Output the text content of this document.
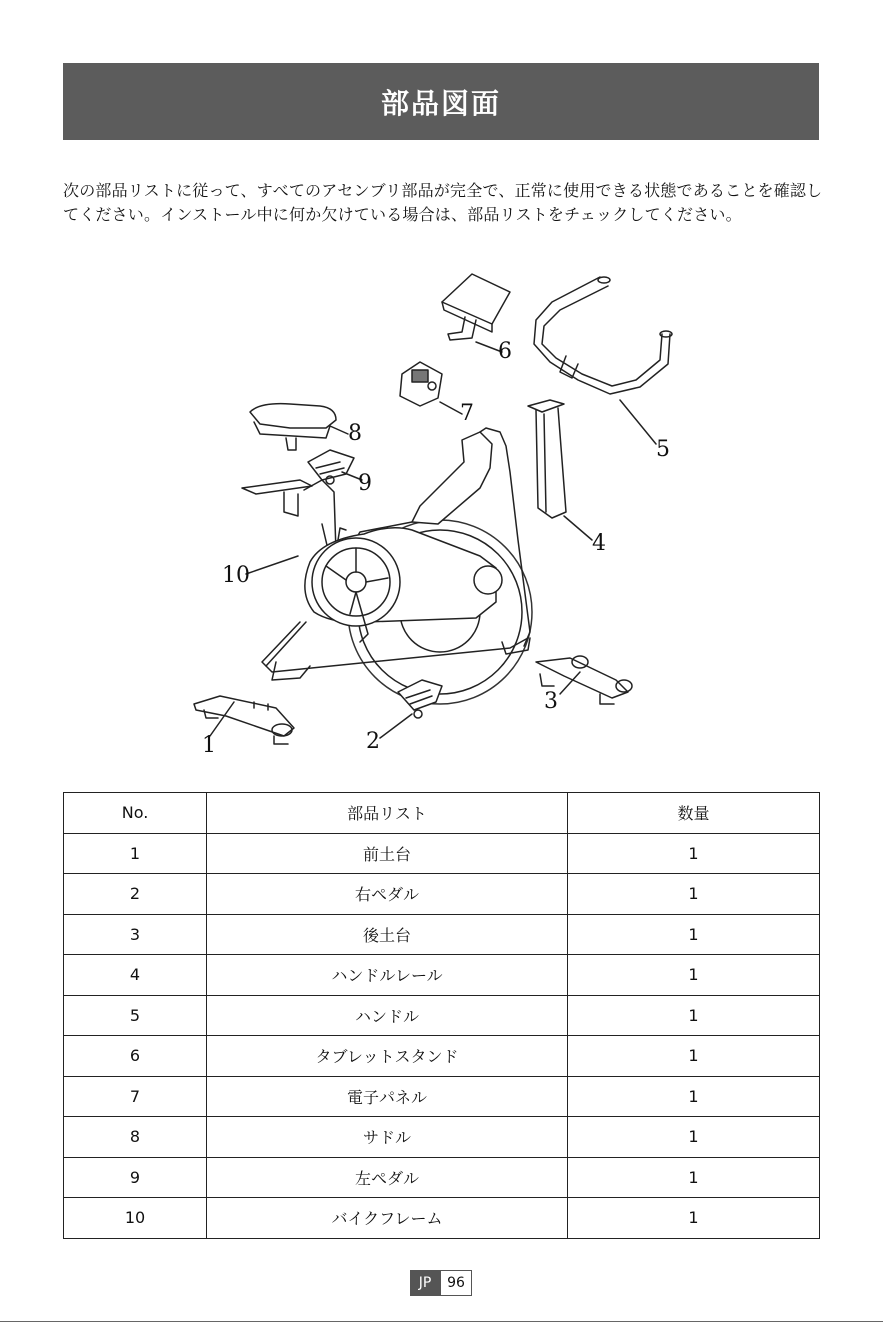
部品図面

次の部品リストに従って、すべてのアセンブリ部品が完全で、正常に使用できる状態であることを確認してください。インストール中に何か欠けている場合は、部品リストをチェックしてください。

6
7
8
9
5
4
10
1	2
3
No.	部品リスト	数量
1	前土台	1
2	右ペダル	1
3	後土台	1
4	ハンドルレール	1
5	ハンドル	1
6	タブレットスタンド	1
7	電子パネル	1
8	サドル	1
9	左ペダル	1
10	バイクフレーム	1
JP	96
